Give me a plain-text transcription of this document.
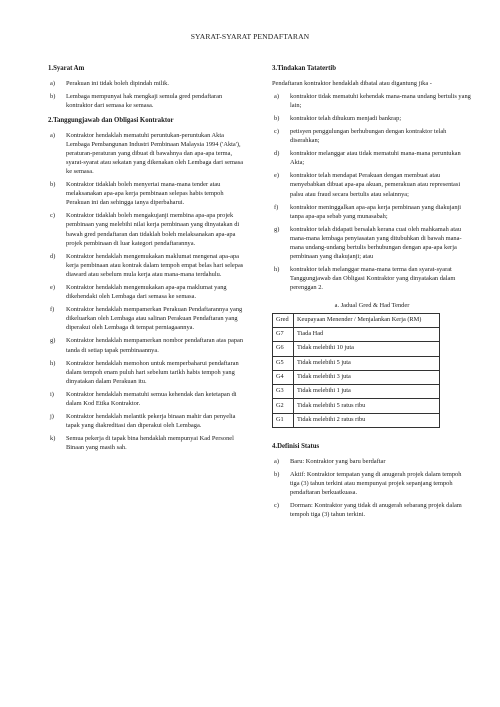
SYARAT-SYARAT PENDAFTARAN
1.Syarat Am
a)	Perakuan ini tidak boleh dipindah milik.
b)	Lembaga mempunyai hak mengkaji semula gred pendaftaran kontraktor dari semasa ke semasa.
2.Tanggungjawab dan Obligasi Kontraktor
a)	Kontraktor hendaklah mematuhi peruntukan-peruntukan Akta Lembaga Pembangunan Industri Pembinaan Malaysia 1994 ('Akta'), peraturan-peraturan yang dibuat di bawahnya dan apa-apa terma, syarat-syarat atau sekatan yang dikenakan oleh Lembaga dari semasa ke semasa.
b)	Kontraktor tidaklah boleh menyertai mana-mana tender atau melaksanakan apa-apa kerja pembinaan selepas habis tempoh Perakuan ini dan sehingga ianya diperbaharui.
c)	Kontraktor tidaklah boleh mengakujanji membina apa-apa projek pembinaan yang melebihi nilai kerja pembinaan yang dinyatakan di bawah gred pendaftaran dan tidaklah boleh melaksanakan apa-apa projek pembinaan di luar kategori pendaftarannya.
d)	Kontraktor hendaklah mengemukakan maklumat mengenai apa-apa kerja pembinaan atau kontrak dalam tempoh empat belas hari selepas diaward atau sebelum mula kerja atau mana-mana terdahulu.
e)	Kontraktor hendaklah mengemukakan apa-apa maklumat yang dikehendaki oleh Lembaga dari semasa ke semasa.
f)	Kontraktor hendaklah mempamerkan Perakuan Pendaftarannya yang dikeluarkan oleh Lembaga atau salinan Perakuan Pendaftaran yang diperakui oleh Lembaga di tempat perniagaannya.
g)	Kontraktor hendaklah mempamerkan nombor pendaftaran atas papan tanda di setiap tapak pembinaannya.
h)	Kontraktor hendaklah memohon untuk memperbaharui pendaftaran dalam tempoh enam puluh hari sebelum tarikh habis tempoh yang dinyatakan dalam Perakuan itu.
i)	Kontraktor hendaklah mematuhi semua kehendak dan ketetapan di dalam Kod Etika Kontraktor.
j)	Kontraktor hendaklah melantik pekerja binaan mahir dan penyelia tapak yang diakreditasi dan diperakui oleh Lembaga.
k)	Semua pekerja di tapak bina hendaklah mempunyai Kad Personel Binaan yang masih sah.
3.Tindakan Tatatertib
Pendaftaran kontraktor hendaklah dibatal atau digantung jika -
a)	kontraktor tidak mematuhi kehendak mana-mana undang bertulis yang lain;
b)	kontraktor telah dihukum menjadi bankrap;
c)	petisyen penggulungan berhubungan dengan kontraktor telah diserahkan;
d)	kontraktor melanggar atau tidak mematuhi mana-mana peruntukan Akta;
e)	kontraktor telah mendapat Perakuan dengan membuat atau menyebabkan dibuat apa-apa akuan, pemerakuan atau representasi palsu atau fraud secara bertulis atau selainnya;
f)	kontraktor meninggalkan apa-apa kerja pembinaan yang diakujanji tanpa apa-apa sebab yang munasabah;
g)	kontraktor telah didapati bersalah kerana cuai oleh mahkamah atau mana-mana lembaga penyiasatan yang ditubuhkan di bawah mana-mana undang-undang bertulis berhubungan dengan apa-apa kerja pembinaan yang diakujanji; atau
h)	kontraktor telah melanggar mana-mana terma dan syarat-syarat Tanggungjawab dan Obligasi Kontraktor yang dinyatakan dalam perenggan 2.
a. Jadual Gred & Had Tender
Gred	Keupayaan Menender / Menjalankan Kerja (RM)
G7	Tiada Had
G6	Tidak melebihi 10 juta
G5	Tidak melebihi 5 juta
G4	Tidak melebihi 3 juta
G3	Tidak melebihi 1 juta
G2	Tidak melebihi 5 ratus ribu
G1	Tidak melebihi 2 ratus ribu
4.Definisi Status
a)	Baru: Kontraktor yang baru berdaftar
b)	Aktif: Kontraktor tempatan yang di anugerah projek dalam tempoh tiga (3) tahun terkini atau mempunyai projek sepanjang tempoh pendaftaran berkuatkuasa.
c)	Dorman: Kontraktor yang tidak di anugerah sebarang projek dalam tempoh tiga (3) tahun terkini.
